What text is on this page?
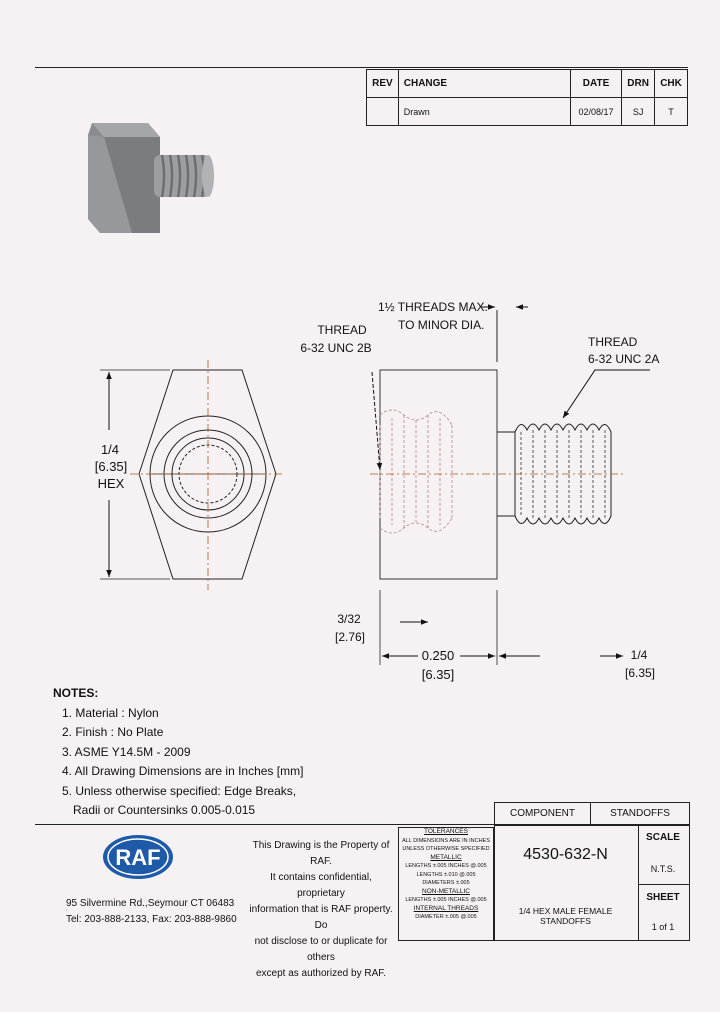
REV	CHANGE	DATE	DRN	CHK
	Drawn	02/08/17	SJ	T
THREAD
6-32 UNC 2B
1½ THREADS MAX.
TO MINOR DIA.
THREAD
6-32 UNC 2A
1/4
[6.35]
HEX
3/32
[2.76]
0.250
[6.35]
1/4
[6.35]
NOTES:
1. Material : Nylon
2. Finish : No Plate
3. ASME Y14.5M - 2009
4. All Drawing Dimensions are in Inches [mm]
5. Unless otherwise specified: Edge Breaks,
Radii or Countersinks 0.005-0.015	COMPONENT	STANDOFFS
RAF
95 Silvermine Rd.,Seymour CT 06483
Tel: 203-888-2133, Fax: 203-888-9860
This Drawing is the Property of RAF.
It contains confidential, proprietary
information that is RAF property. Do
not disclose to or duplicate for others
except as authorized by RAF.
TOLERANCES
ALL DIMENSIONS ARE IN INCHES
UNLESS OTHERWISE SPECIFIED
METALLIC
LENGTHS ±.005 INCHES @.005
LENGTHS ±.010 @.005
DIAMETERS ±.005
NON-METALLIC
LENGTHS ±.005 INCHES @.005
INTERNAL THREADS
DIAMETER ±.005 @.005
4530-632-N
1/4 HEX MALE FEMALE STANDOFFS
SCALE
N.T.S.
SHEET
1 of 1
